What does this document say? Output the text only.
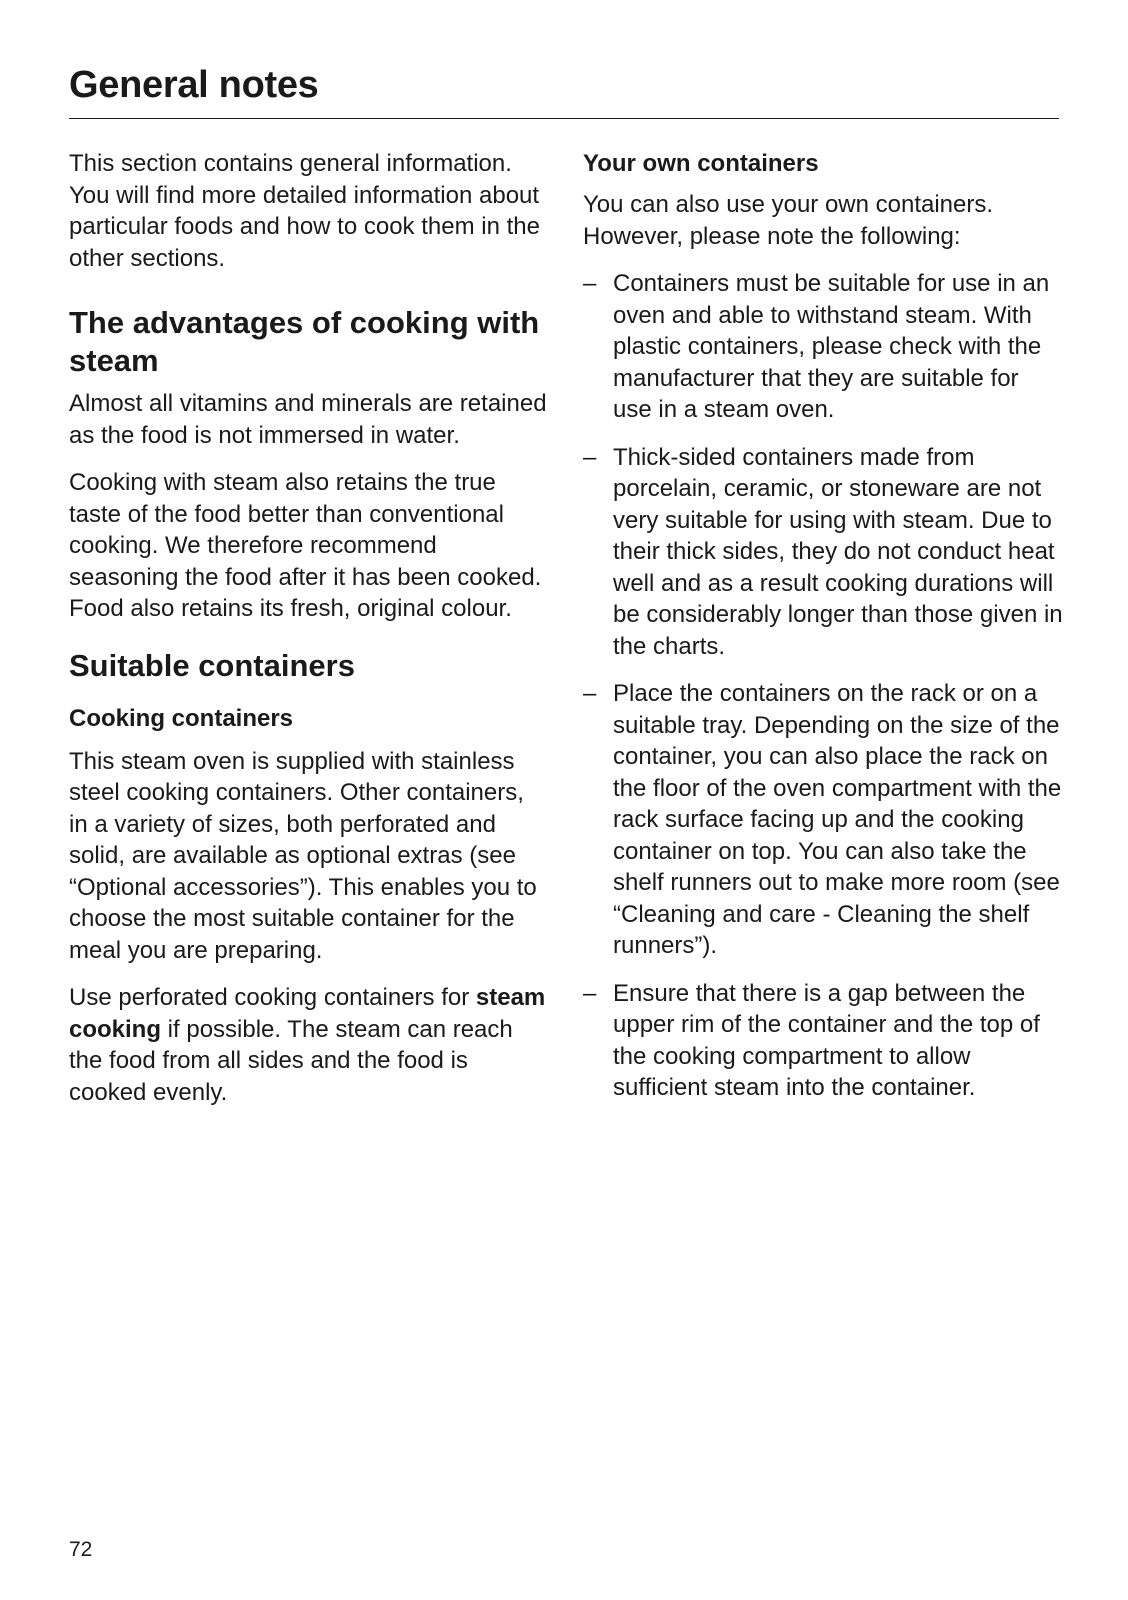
General notes

This section contains general information. You will find more detailed information about particular foods and how to cook them in the other sections.

The advantages of cooking with steam

Almost all vitamins and minerals are retained as the food is not immersed in water.

Cooking with steam also retains the true taste of the food better than conventional cooking. We therefore recommend seasoning the food after it has been cooked. Food also retains its fresh, original colour.

Suitable containers
Cooking containers

This steam oven is supplied with stainless steel cooking containers. Other containers, in a variety of sizes, both perforated and solid, are available as optional extras (see “Optional accessories”). This enables you to choose the most suitable container for the meal you are preparing.

Use perforated cooking containers for steam cooking if possible. The steam can reach the food from all sides and the food is cooked evenly.

Your own containers

You can also use your own containers. However, please note the following:

– Containers must be suitable for use in an oven and able to withstand steam. With plastic containers, please check with the manufacturer that they are suitable for use in a steam oven.
– Thick-sided containers made from porcelain, ceramic, or stoneware are not very suitable for using with steam. Due to their thick sides, they do not conduct heat well and as a result cooking durations will be considerably longer than those given in the charts.
– Place the containers on the rack or on a suitable tray. Depending on the size of the container, you can also place the rack on the floor of the oven compartment with the rack surface facing up and the cooking container on top. You can also take the shelf runners out to make more room (see “Cleaning and care - Cleaning the shelf runners”).
– Ensure that there is a gap between the upper rim of the container and the top of the cooking compartment to allow sufficient steam into the container.
72
